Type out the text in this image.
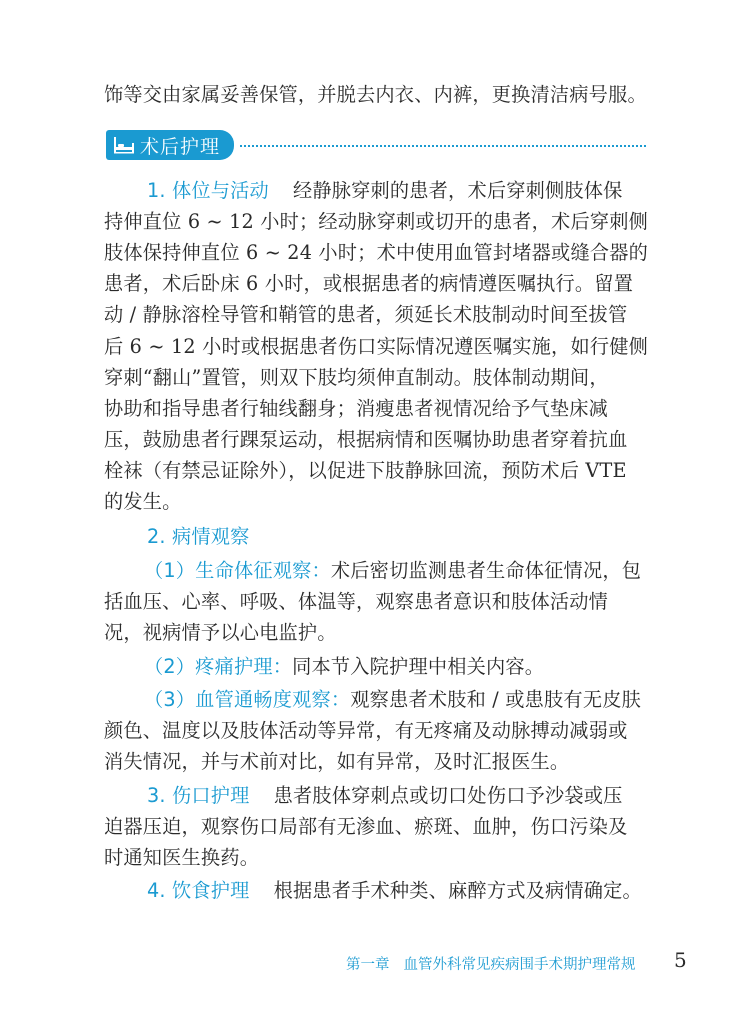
饰等交由家属妥善保管，并脱去内衣、内裤，更换清洁病号服。
术后护理
1. 体位与活动 经静脉穿刺的患者，术后穿刺侧肢体保
持伸直位 6 ~ 12 小时；经动脉穿刺或切开的患者，术后穿刺侧
肢体保持伸直位 6 ~ 24 小时；术中使用血管封堵器或缝合器的
患者，术后卧床 6 小时，或根据患者的病情遵医嘱执行。留置
动 / 静脉溶栓导管和鞘管的患者，须延长术肢制动时间至拔管
后 6 ~ 12 小时或根据患者伤口实际情况遵医嘱实施，如行健侧
穿刺“翻山”置管，则双下肢均须伸直制动。肢体制动期间，
协助和指导患者行轴线翻身；消瘦患者视情况给予气垫床减
压，鼓励患者行踝泵运动，根据病情和医嘱协助患者穿着抗血
栓袜（有禁忌证除外），以促进下肢静脉回流，预防术后 VTE
的发生。
2. 病情观察
（1）生命体征观察：术后密切监测患者生命体征情况，包
括血压、心率、呼吸、体温等，观察患者意识和肢体活动情
况，视病情予以心电监护。
（2）疼痛护理：同本节入院护理中相关内容。
（3）血管通畅度观察：观察患者术肢和 / 或患肢有无皮肤
颜色、温度以及肢体活动等异常，有无疼痛及动脉搏动减弱或
消失情况，并与术前对比，如有异常，及时汇报医生。
3. 伤口护理 患者肢体穿刺点或切口处伤口予沙袋或压
迫器压迫，观察伤口局部有无渗血、瘀斑、血肿，伤口污染及
时通知医生换药。
4. 饮食护理 根据患者手术种类、麻醉方式及病情确定。
第一章 血管外科常见疾病围手术期护理常规 5
